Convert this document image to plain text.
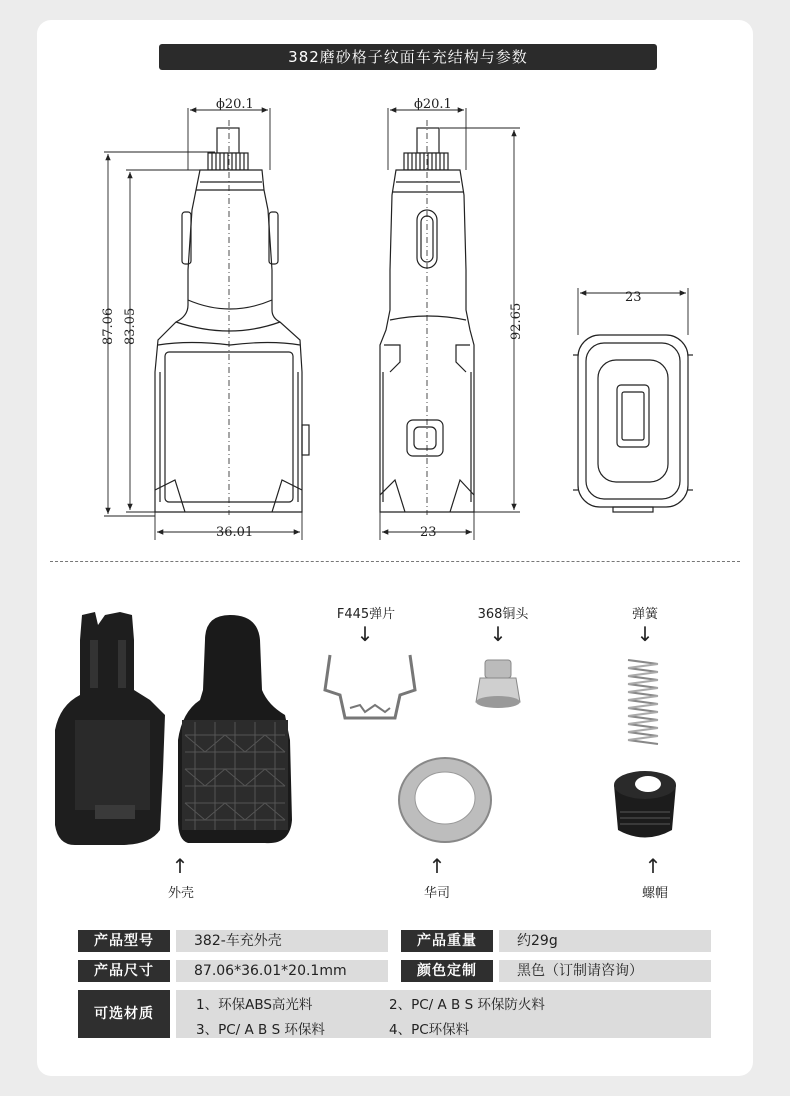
382磨砂格子纹面车充结构与参数
ϕ20.1
36.01
87.06 83.05
ϕ20.1
23
92.65
23
F445弹片
↓
368铜头
↓
弹簧
↓
↑
外壳
↑
华司
↑
螺帽
产品型号	382-车充外壳	产品重量	约29g
产品尺寸	87.06*36.01*20.1mm	颜色定制	黑色（订制请咨询）
可选材质
1、环保ABS高光料	2、PC/ A B S 环保防火料
3、PC/ A B S 环保料	4、PC环保料
